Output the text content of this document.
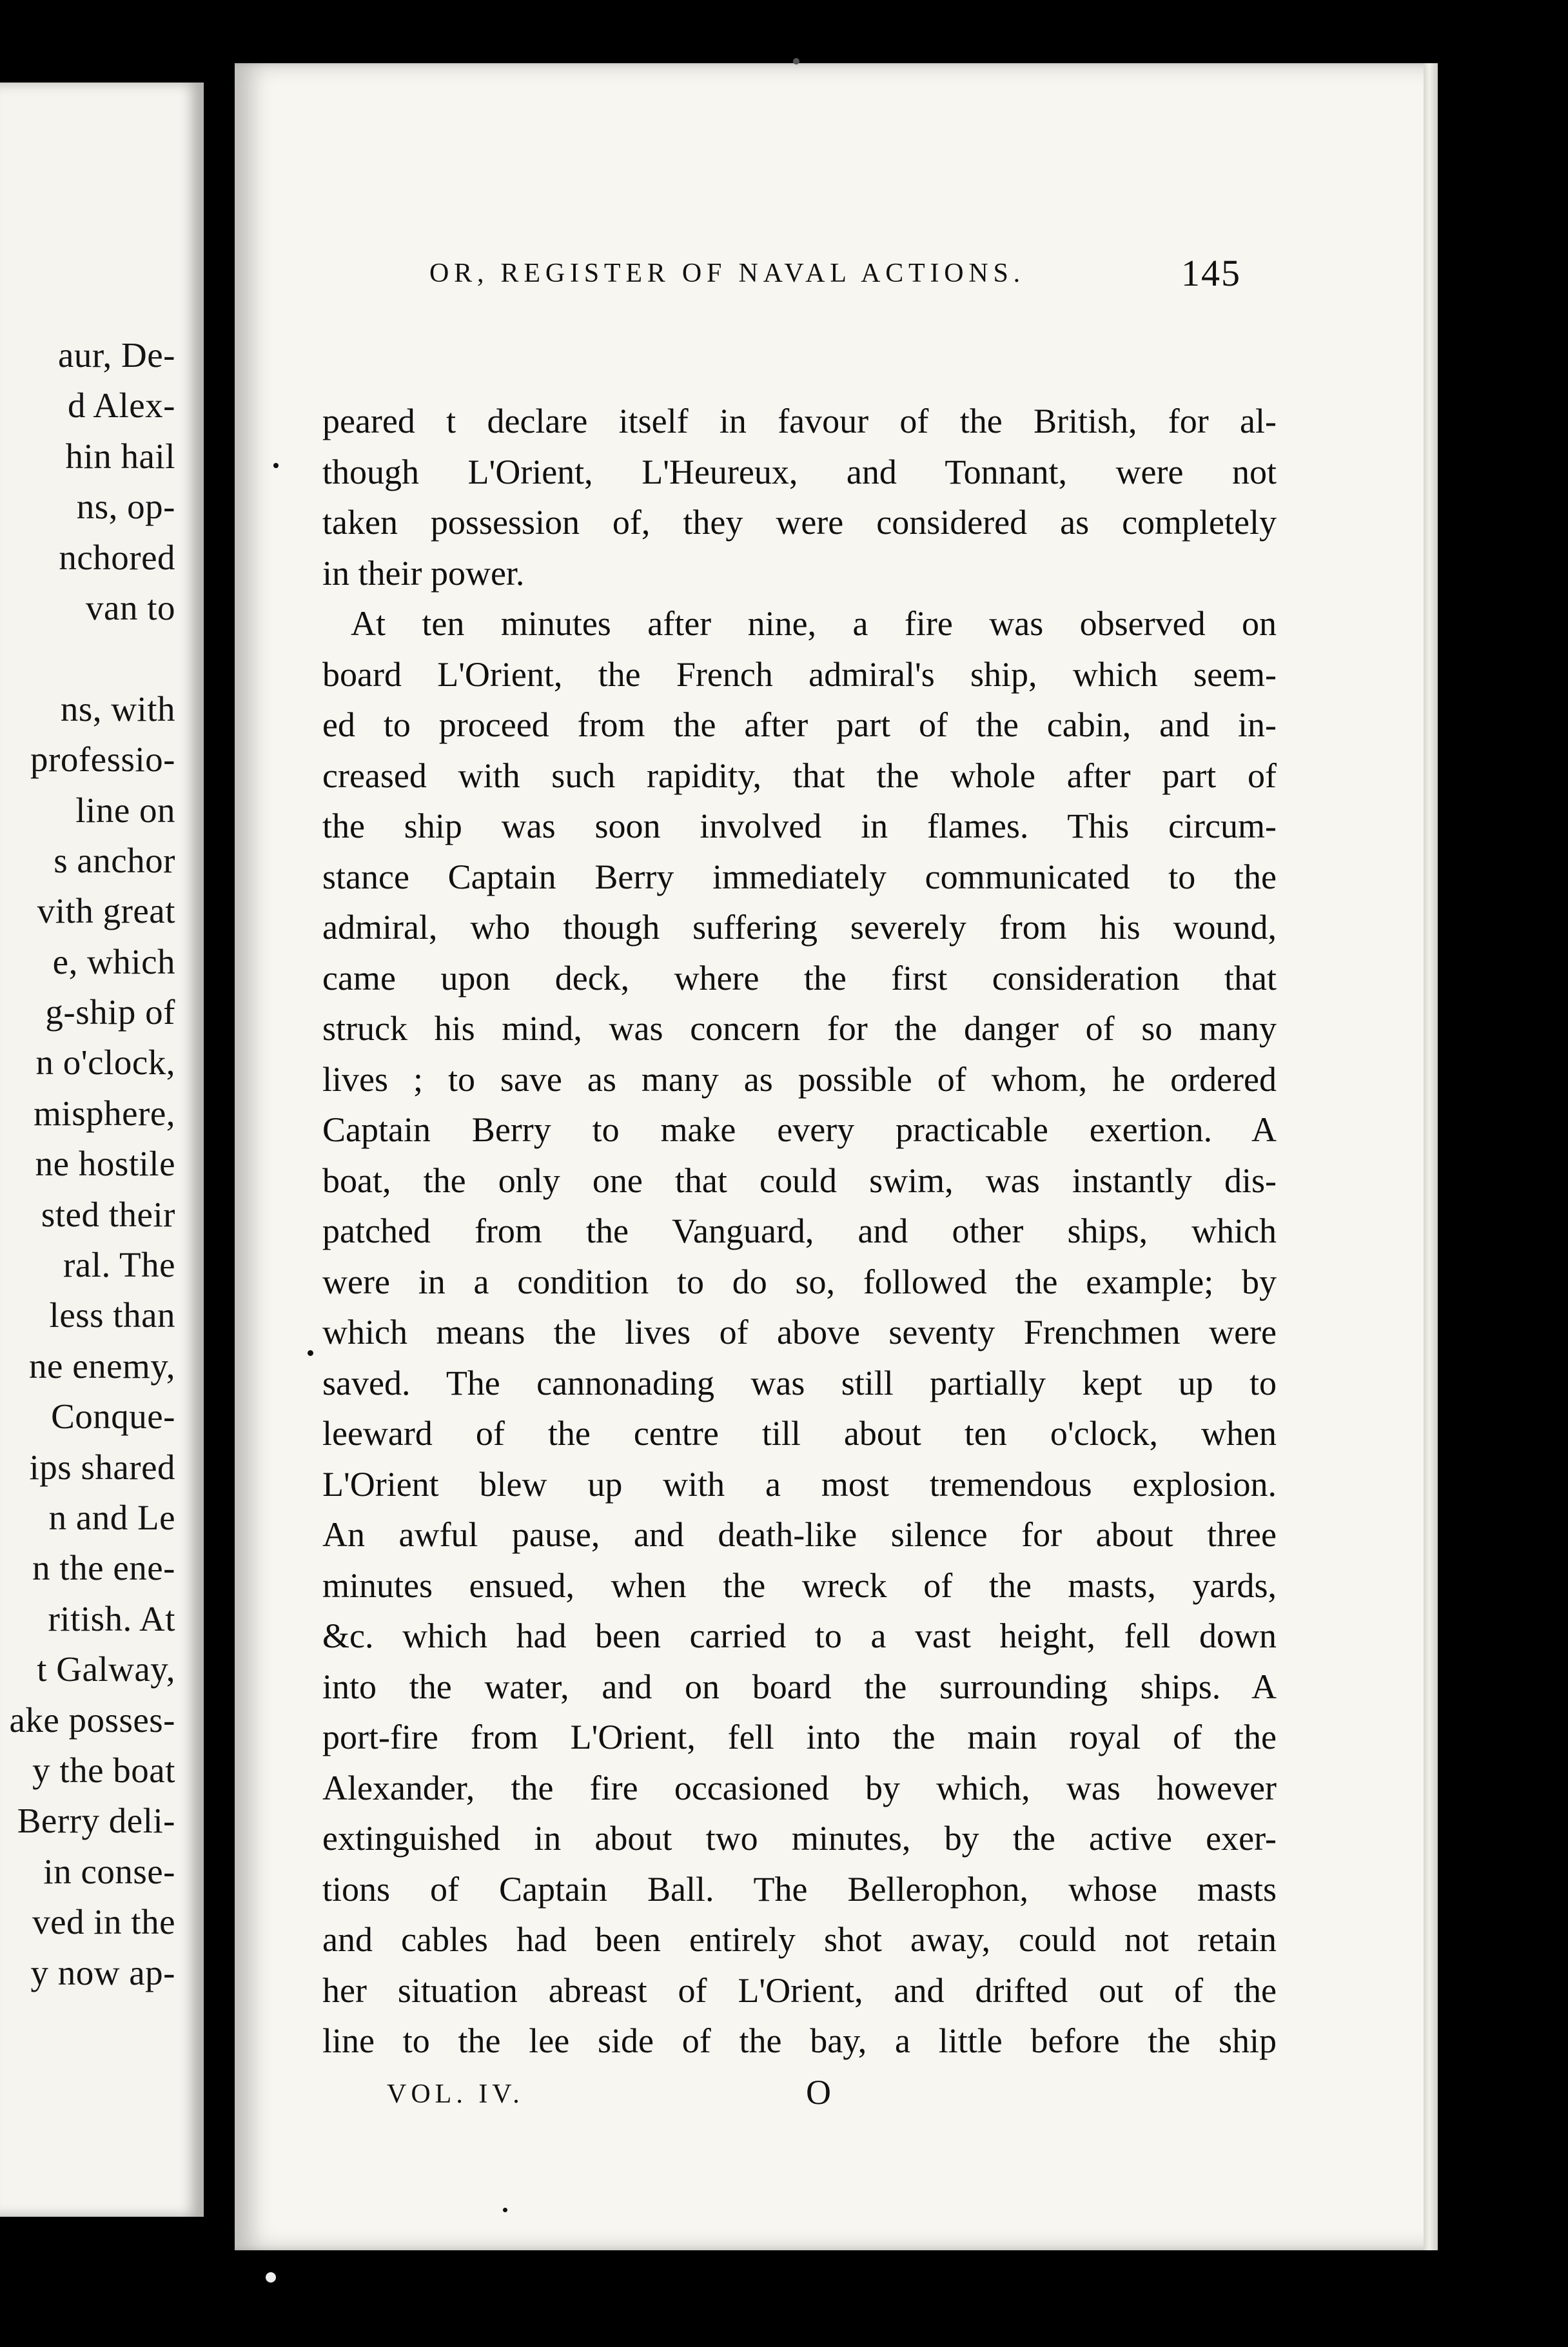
aur, De-
d Alex-
hin hail
ns, op-
nchored
van to
ns, with
professio-
line on
s anchor
vith great
e, which
g-ship of
n o'clock,
misphere,
ne hostile
sted their
ral. The
less than
ne enemy,
Conque-
ips shared
n and Le
n the ene-
ritish. At
t Galway,
ake posses-
y the boat
Berry deli-
in conse-
ved in the
y now ap-
OR, REGISTER OF NAVAL ACTIONS.	145
peared t declare itself in favour of the British, for al-
though L'Orient, L'Heureux, and Tonnant, were not
taken possession of, they were considered as completely
in their power.
At ten minutes after nine, a fire was observed on
board L'Orient, the French admiral's ship, which seem-
ed to proceed from the after part of the cabin, and in-
creased with such rapidity, that the whole after part of
the ship was soon involved in flames. This circum-
stance Captain Berry immediately communicated to the
admiral, who though suffering severely from his wound,
came upon deck, where the first consideration that
struck his mind, was concern for the danger of so many
lives ; to save as many as possible of whom, he ordered
Captain Berry to make every practicable exertion. A
boat, the only one that could swim, was instantly dis-
patched from the Vanguard, and other ships, which
were in a condition to do so, followed the example; by
which means the lives of above seventy Frenchmen were
saved. The cannonading was still partially kept up to
leeward of the centre till about ten o'clock, when
L'Orient blew up with a most tremendous explosion.
An awful pause, and death-like silence for about three
minutes ensued, when the wreck of the masts, yards,
&c. which had been carried to a vast height, fell down
into the water, and on board the surrounding ships. A
port-fire from L'Orient, fell into the main royal of the
Alexander, the fire occasioned by which, was however
extinguished in about two minutes, by the active exer-
tions of Captain Ball. The Bellerophon, whose masts
and cables had been entirely shot away, could not retain
her situation abreast of L'Orient, and drifted out of the
line to the lee side of the bay, a little before the ship
VOL. IV.	O
